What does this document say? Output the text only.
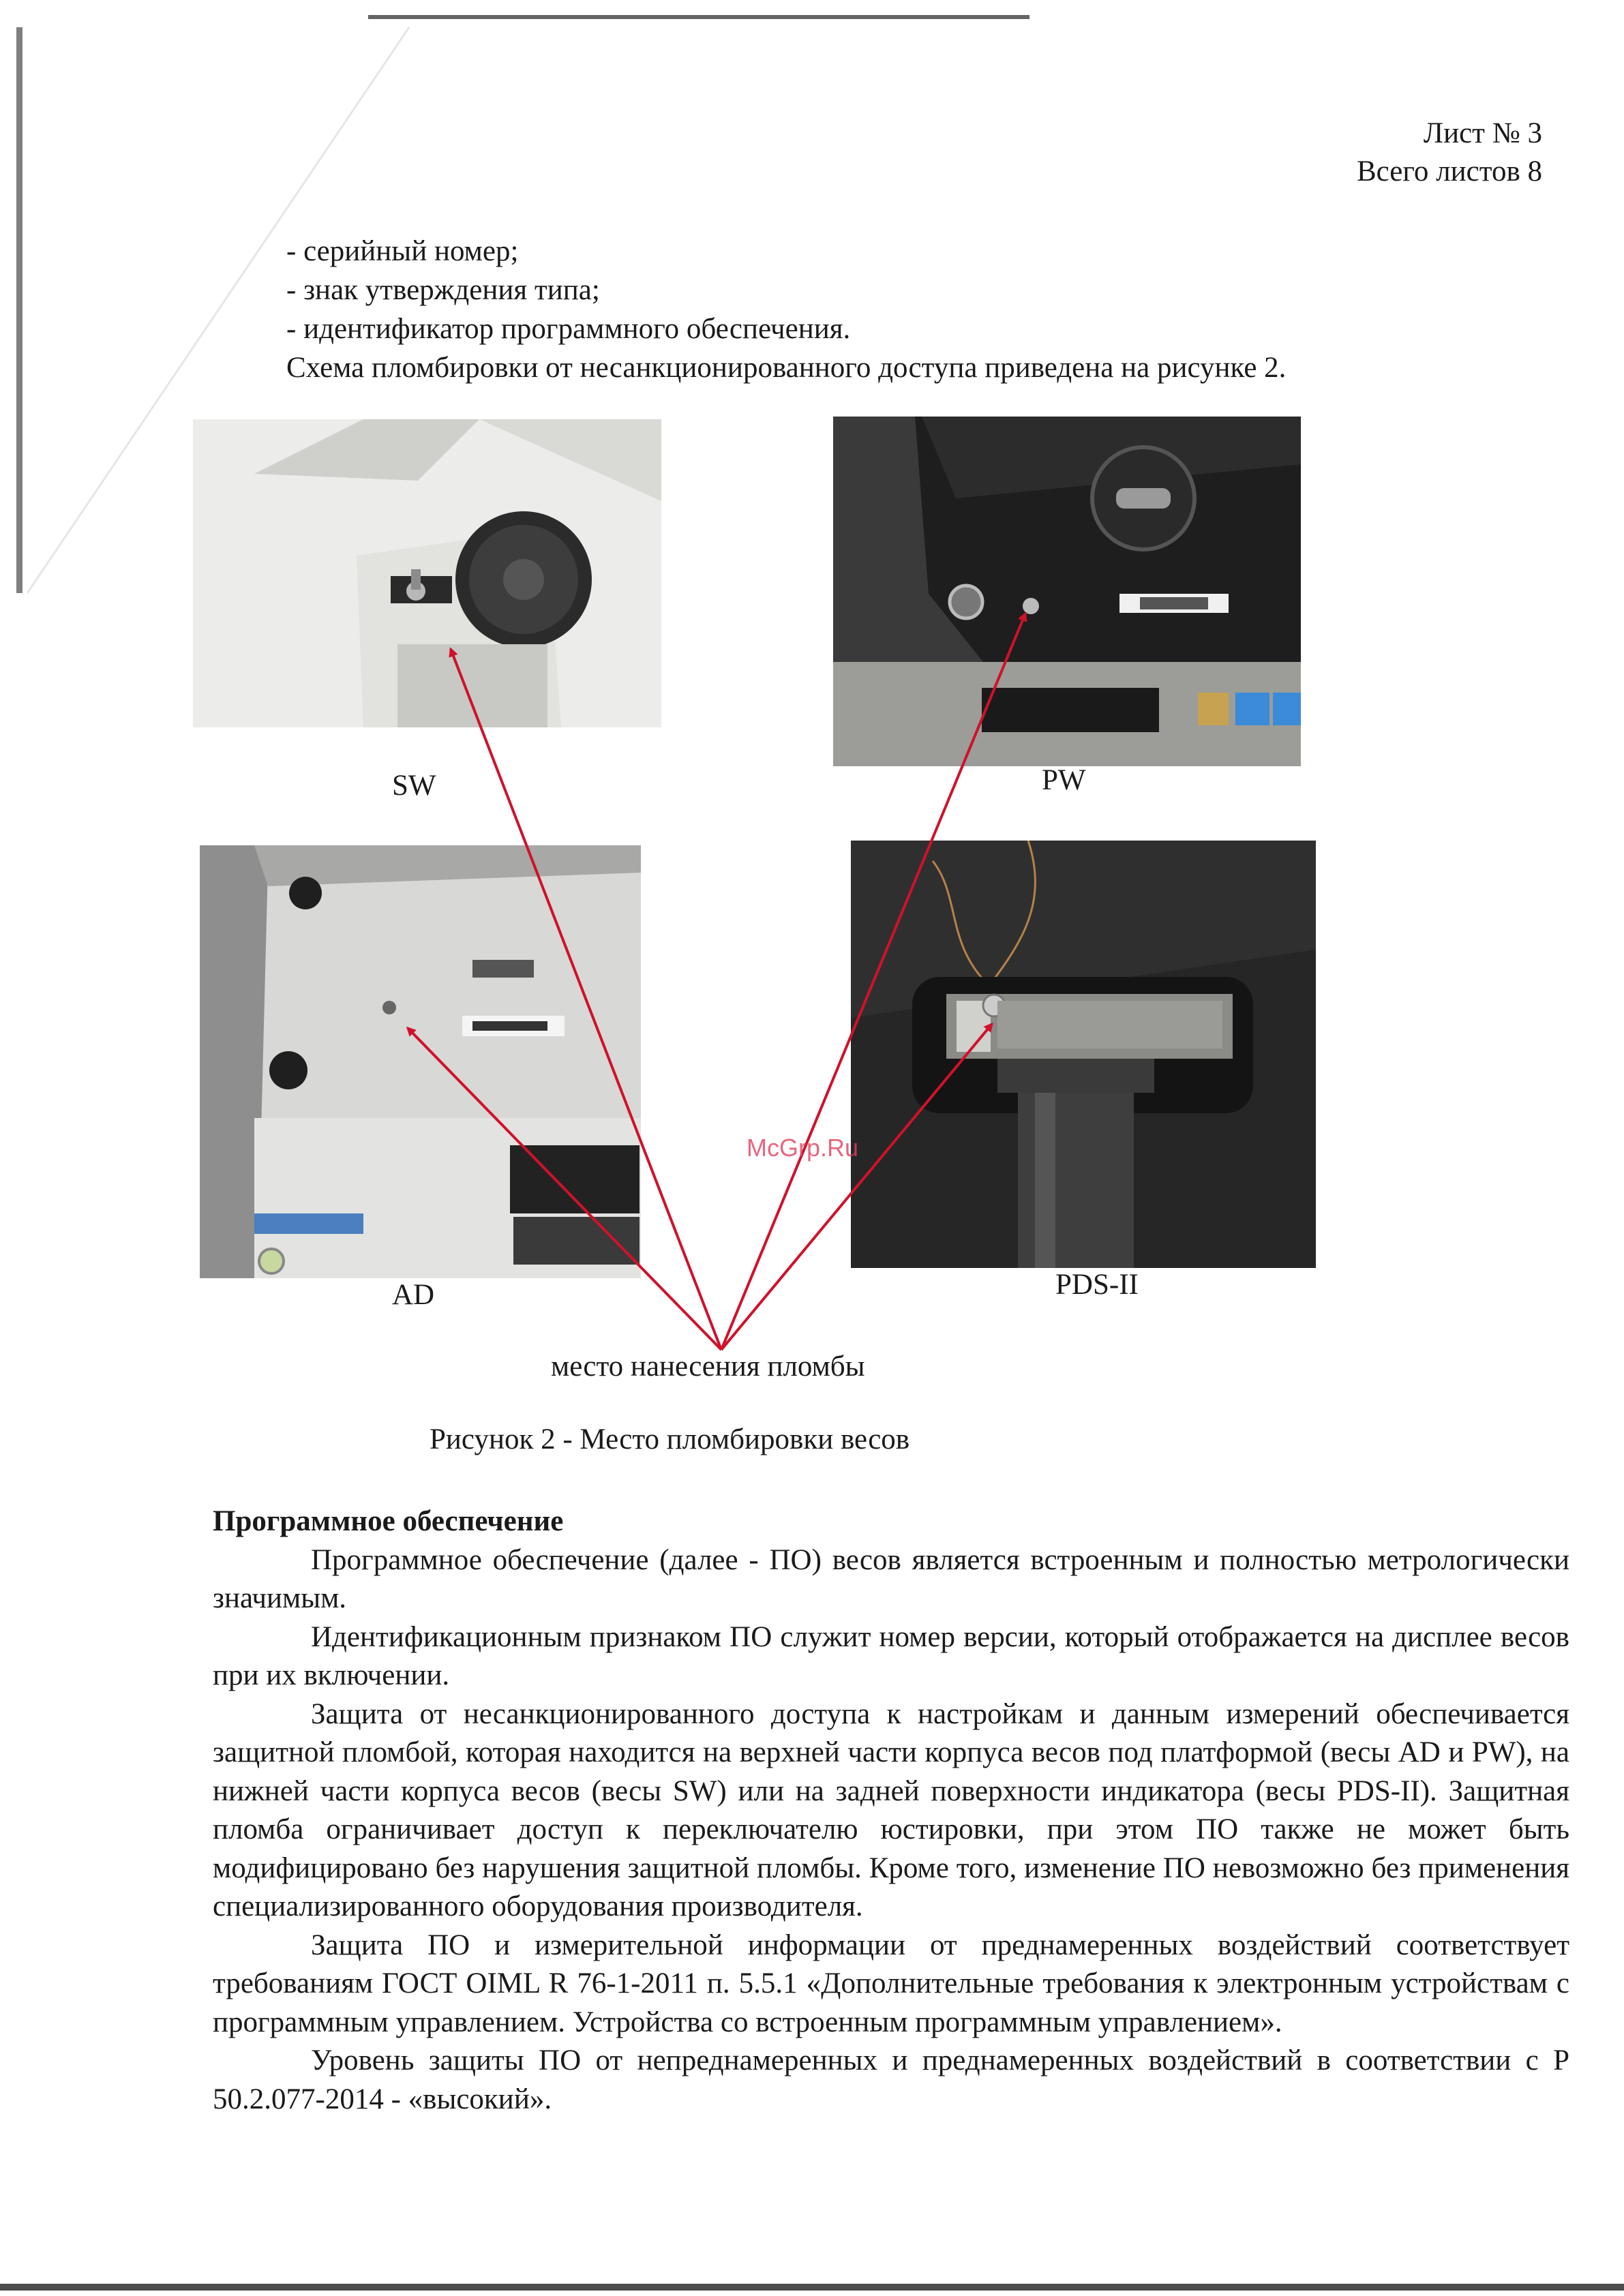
Лист № 3
Всего листов 8
- серийный номер;
- знак утверждения типа;
- идентификатор программного обеспечения.
Схема пломбировки от несанкционированного доступа приведена на рисунке 2.
SW	PW
AD	PDS-II
McGrp.Ru
место нанесения пломбы
Рисунок 2 - Место пломбировки весов
Программное обеспечение

Программное обеспечение (далее - ПО) весов является встроенным и полностью метрологически значимым.

Идентификационным признаком ПО служит номер версии, который отображается на дисплее весов при их включении.

Защита от несанкционированного доступа к настройкам и данным измерений обеспечивается защитной пломбой, которая находится на верхней части корпуса весов под платформой (весы AD и PW), на нижней части корпуса весов (весы SW) или на задней поверхности индикатора (весы PDS-II). Защитная пломба ограничивает доступ к переключателю юстировки, при этом ПО также не может быть модифицировано без нарушения защитной пломбы. Кроме того, изменение ПО невозможно без применения специализированного оборудования производителя.

Защита ПО и измерительной информации от преднамеренных воздействий соответствует требованиям ГОСТ OIML R 76-1-2011 п. 5.5.1 «Дополнительные требования к электронным устройствам с программным управлением. Устройства со встроенным программным управлением».

Уровень защиты ПО от непреднамеренных и преднамеренных воздействий в соответствии с Р 50.2.077-2014 - «высокий».
